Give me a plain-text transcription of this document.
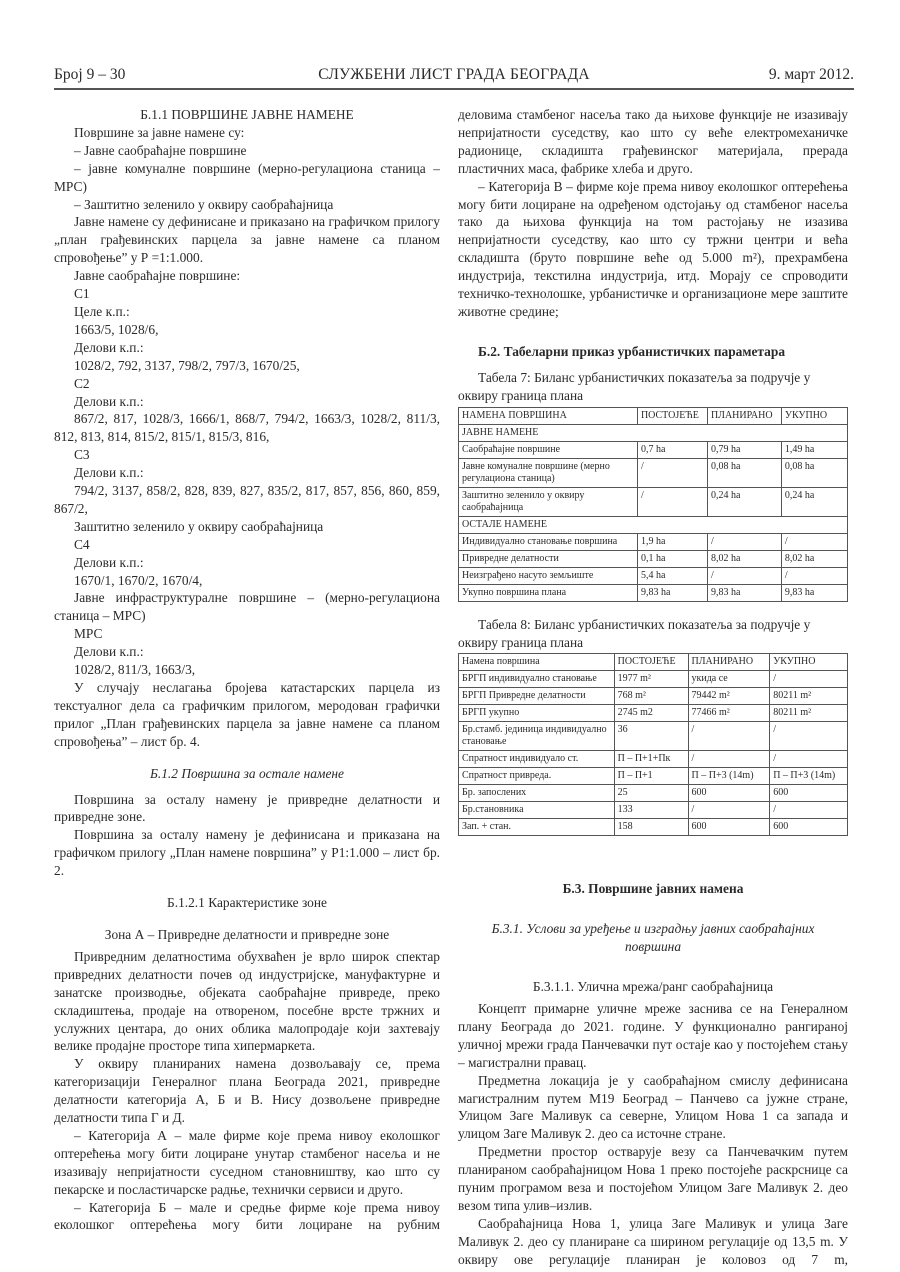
Број 9 – 30	СЛУЖБЕНИ ЛИСТ ГРАДА БЕОГРАДА	9. март 2012.
Б.1.1 ПОВРШИНЕ ЈАВНЕ НАМЕНЕ

Површине за јавне намене су:

– Јавне саобраћајне површине

– јавне комуналне површине (мерно-регулациона станица – МРС)

– Заштитно зеленило у оквиру саобраћајница

Јавне намене су дефинисане и приказано на графичком прилогу „план грађевинских парцела за јавне намене са планом спровођење” у Р =1:1.000.

Јавне саобраћајне површине:

С1

Целе к.п.:

1663/5, 1028/6,

Делови к.п.:

1028/2, 792, 3137, 798/2, 797/3, 1670/25,

С2

Делови к.п.:

867/2, 817, 1028/3, 1666/1, 868/7, 794/2, 1663/3, 1028/2, 811/3, 812, 813, 814, 815/2, 815/1, 815/3, 816,

С3

Делови к.п.:

794/2, 3137, 858/2, 828, 839, 827, 835/2, 817, 857, 856, 860, 859, 867/2,

Заштитно зеленило у оквиру саобраћајница

С4

Делови к.п.:

1670/1, 1670/2, 1670/4,

Јавне инфраструктуралне површине – (мерно-регулациона станица – МРС)

МРС

Делови к.п.:

1028/2, 811/3, 1663/3,

У случају неслагања бројева катастарских парцела из текстуалног дела са графичким прилогом, меродован графички прилог „План грађевинских парцела за јавне намене са планом спровођења” – лист бр. 4.

Б.1.2 Површина за остале намене

Површина за осталу намену је привредне делатности и привредне зоне.

Површина за осталу намену је дефинисана и приказана на графичком прилогу „План намене површина” у Р1:1.000 – лист бр. 2.

Б.1.2.1 Карактеристике зоне
Зона А – Привредне делатности и привредне зоне

Привредним делатностима обухваћен је врло широк спектар привредних делатности почев од индустријске, мануфактурне и занатске производње, објеката саобраћајне привреде, преко складиштења, продаје на отвореном, посебне врсте тржних и услужних центара, до оних облика малопродаје који захтевају велике продајне просторе типа хипермаркета.

У оквиру планираних намена дозвољавају се, према категоризацији Генералног плана Београда 2021, привредне делатности категорија А, Б и В. Нису дозвољене привредне делатности типа Г и Д.

– Категорија А – мале фирме које према нивоу еколошког оптерећења могу бити лоциране унутар стамбеног насеља и не изазивају непријатности суседном становништву, као што су пекарске и посластичарске радње, технички сервиси и друго.

– Категорија Б – мале и средње фирме које према нивоу еколошког оптерећења могу бити лоциране на рубним

деловима стамбеног насеља тако да њихове функције не изазивају непријатности суседству, као што су веће електромеханичке радионице, складишта грађевинског материјала, прерада пластичних маса, фабрике хлеба и друго.

– Категорија В – фирме које према нивоу еколошког оптерећења могу бити лоциране на одређеном одстојању од стамбеног насеља тако да њихова функција на том растојању не изазива непријатности суседству, као што су тржни центри и већа складишта (бруто површине веће од 5.000 m²), прехрамбена индустрија, текстилна индустрија, итд. Морају се спроводити техничко-технолошке, урбанистичке и организационе мере заштите животне средине;

Б.2. Табеларни приказ урбанистичких параметара

Табела 7: Биланс урбанистичких показатеља за подручје у оквиру граница плана

НАМЕНА ПОВРШИНА	ПОСТОЈЕЋЕ	ПЛАНИРАНО	УКУПНО
ЈАВНЕ НАМЕНЕ			
Саобраћајне површине	0,7 ha	0,79 ha	1,49 ha
Јавне комуналне површине (мерно регулациона станица)	/	0,08 ha	0,08 ha
Заштитно зеленило у оквиру саобраћајница	/	0,24 ha	0,24 ha
ОСТАЛЕ НАМЕНЕ			
Индивидуално становање површина	1,9 ha	/	/
Привредне делатности	0,1 ha	8,02 ha	8,02 ha
Неизграђено насуто земљиште	5,4 ha	/	/
Укупно површина плана	9,83 ha	9,83 ha	9,83 ha

Табела 8: Биланс урбанистичких показатеља за подручје у оквиру граница плана

Намена површина	ПОСТОЈЕЋЕ	ПЛАНИРАНО	УКУПНО
БРГП индивидуално становање	1977 m²	укида се	/
БРГП Привредне делатности	768 m²	79442 m²	80211 m²
БРГП укупно	2745 m2	77466 m²	80211 m²
Бр.стамб. јединица индивидуално становање	36	/	/
Спратност индивидуало ст.	П – П+1+Пк	/	/
Спратност привреда.	П – П+1	П – П+3 (14m)	П – П+3 (14m)
Бр. запослених	25	600	600
Бр.становника	133	/	/
Зап. + стан.	158	600	600
Б.3. Површине јавних намена
Б.3.1. Услови за уређење и изградњу јавних саобраћајних површина
Б.3.1.1. Улична мрежа/ранг саобраћајница

Концепт примарне уличне мреже заснива се на Генералном плану Београда до 2021. године. У функционално рангираној уличној мрежи града Панчевачки пут остаје као у постојећем стању – магистрални правац.

Предметна локација је у саобраћајном смислу дефинисана магистралним путем М19 Београд – Панчево са јужне стране, Улицом Заге Маливук са северне, Улицом Нова 1 са запада и улицом Заге Маливук 2. део са источне стране.

Предметни простор остварује везу са Панчевачким путем планираном саобраћајницом Нова 1 преко постојеће раскрснице са пуним програмом веза и постојећом Улицом Заге Маливук 2. део везом типа улив–излив.

Саобраћајница Нова 1, улица Заге Маливук и улица Заге Маливук 2. део су планиране са ширином регулације од 13,5 m. У оквиру ове регулације планиран је коловоз од 7 m,
